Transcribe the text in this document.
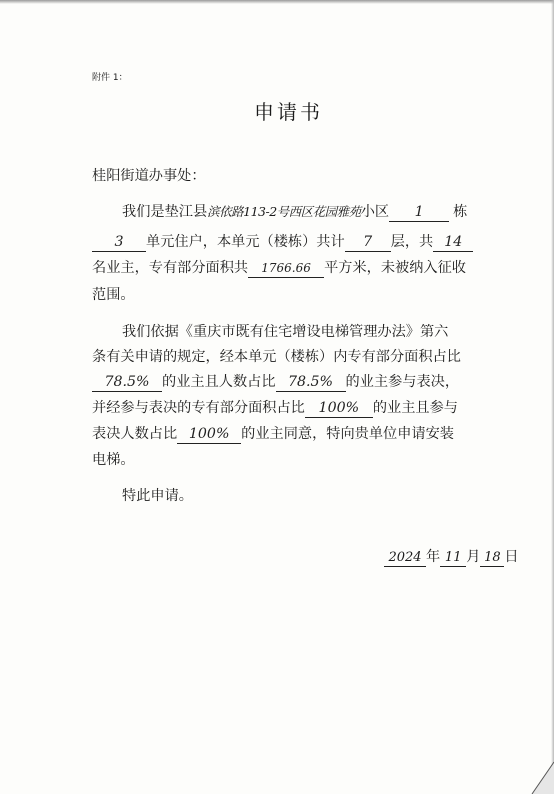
附件 1：
申请书
桂阳街道办事处：
我们是垫江县滨依路113-2号西区花园雅苑小区 1 栋
3 单元住户，本单元（楼栋）共计 7 层，共 14
名业主，专有部分面积共 1766.66 平方米，未被纳入征收
范围。
我们依据《重庆市既有住宅增设电梯管理办法》第六
条有关申请的规定，经本单元（楼栋）内专有部分面积占比
78.5% 的业主且人数占比 78.5% 的业主参与表决，
并经参与表决的专有部分面积占比 100% 的业主且参与
表决人数占比 100% 的业主同意，特向贵单位申请安装
电梯。
特此申请。
2024 年 11 月 18 日
